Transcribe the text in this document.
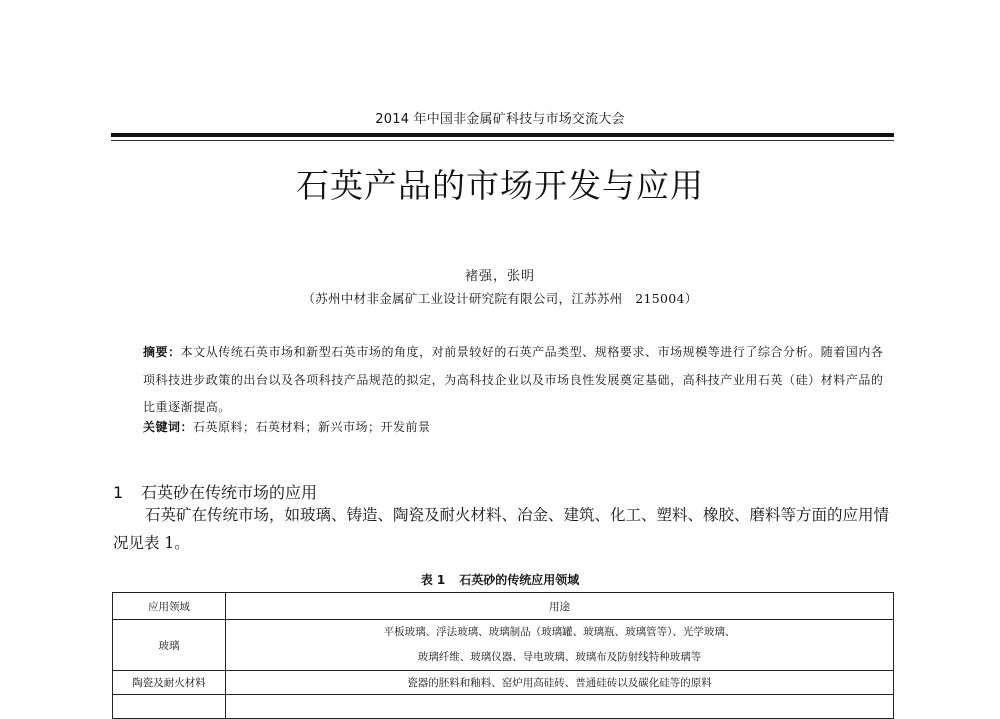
2014 年中国非金属矿科技与市场交流大会
石英产品的市场开发与应用
褚强，张明
（苏州中材非金属矿工业设计研究院有限公司，江苏苏州　215004）
摘要：本文从传统石英市场和新型石英市场的角度，对前景较好的石英产品类型、规格要求、市场规模等进行了综合分析。随着国内各项科技进步政策的出台以及各项科技产品规范的拟定，为高科技企业以及市场良性发展奠定基础，高科技产业用石英（硅）材料产品的比重逐渐提高。
关键词：石英原料；石英材料；新兴市场；开发前景
1 石英砂在传统市场的应用
石英矿在传统市场，如玻璃、铸造、陶瓷及耐火材料、冶金、建筑、化工、塑料、橡胶、磨料等方面的应用情况见表 1。
表 1 石英砂的传统应用领域
应用领域	用途
玻璃	平板玻璃、浮法玻璃、玻璃制品（玻璃罐、玻璃瓶、玻璃管等）、光学玻璃、
玻璃纤维、玻璃仪器、导电玻璃、玻璃布及防射线特种玻璃等

陶瓷及耐火材料	瓷器的胚料和釉料、窑炉用高硅砖、普通硅砖以及碳化硅等的原料
